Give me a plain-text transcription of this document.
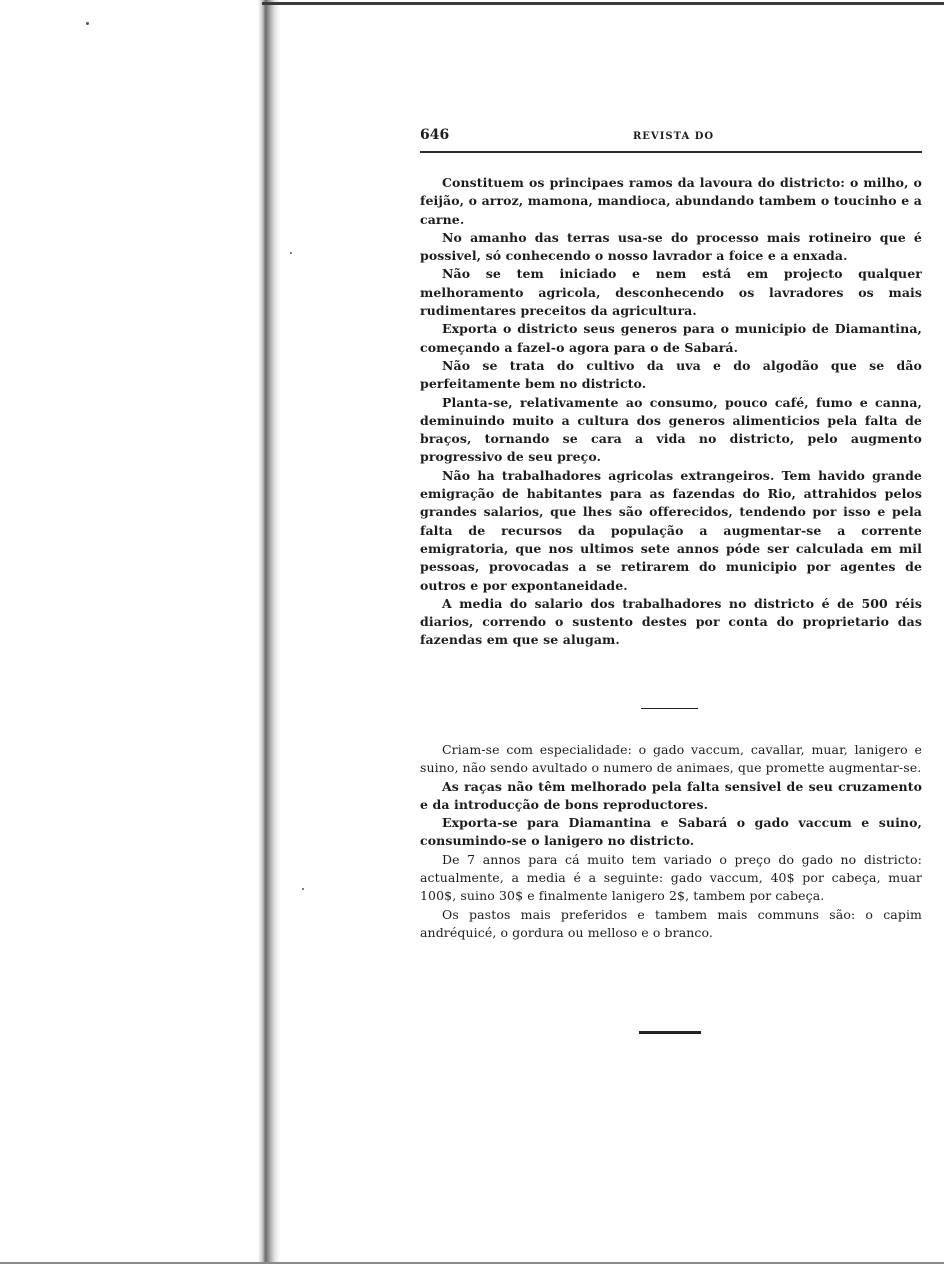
646	REVISTA DO

Constituem os principaes ramos da lavoura do districto: o milho, o feijão, o arroz, mamona, mandioca, abundando tambem o toucinho e a carne.

No amanho das terras usa-se do processo mais rotineiro que é possivel, só conhecendo o nosso lavrador a foice e a enxada.

Não se tem iniciado e nem está em projecto qualquer melhoramento agricola, desconhecendo os lavradores os mais rudimentares preceitos da agricultura.

Exporta o districto seus generos para o municipio de Diamantina, começando a fazel-o agora para o de Sabará.

Não se trata do cultivo da uva e do algodão que se dão perfeitamente bem no districto.

Planta-se, relativamente ao consumo, pouco café, fumo e canna, deminuindo muito a cultura dos generos alimenticios pela falta de braços, tornando se cara a vida no districto, pelo augmento progressivo de seu preço.

Não ha trabalhadores agricolas extrangeiros. Tem havido grande emigração de habitantes para as fazendas do Rio, attrahidos pelos grandes salarios, que lhes são offerecidos, tendendo por isso e pela falta de recursos da população a augmentar-se a corrente emigratoria, que nos ultimos sete annos póde ser calculada em mil pessoas, provocadas a se retirarem do municipio por agentes de outros e por expontaneidade.

A media do salario dos trabalhadores no districto é de 500 réis diarios, correndo o sustento destes por conta do proprietario das fazendas em que se alugam.

Criam-se com especialidade: o gado vaccum, cavallar, muar, lanigero e suino, não sendo avultado o numero de animaes, que promette augmentar-se.

As raças não têm melhorado pela falta sensivel de seu cruzamento e da introducção de bons reproductores.

Exporta-se para Diamantina e Sabará o gado vaccum e suino, consumindo-se o lanigero no districto.

De 7 annos para cá muito tem variado o preço do gado no districto: actualmente, a media é a seguinte: gado vaccum, 40$ por cabeça, muar 100$, suino 30$ e finalmente lanigero 2$, tambem por cabeça.

Os pastos mais preferidos e tambem mais communs são: o capim andréquicé, o gordura ou melloso e o branco.
